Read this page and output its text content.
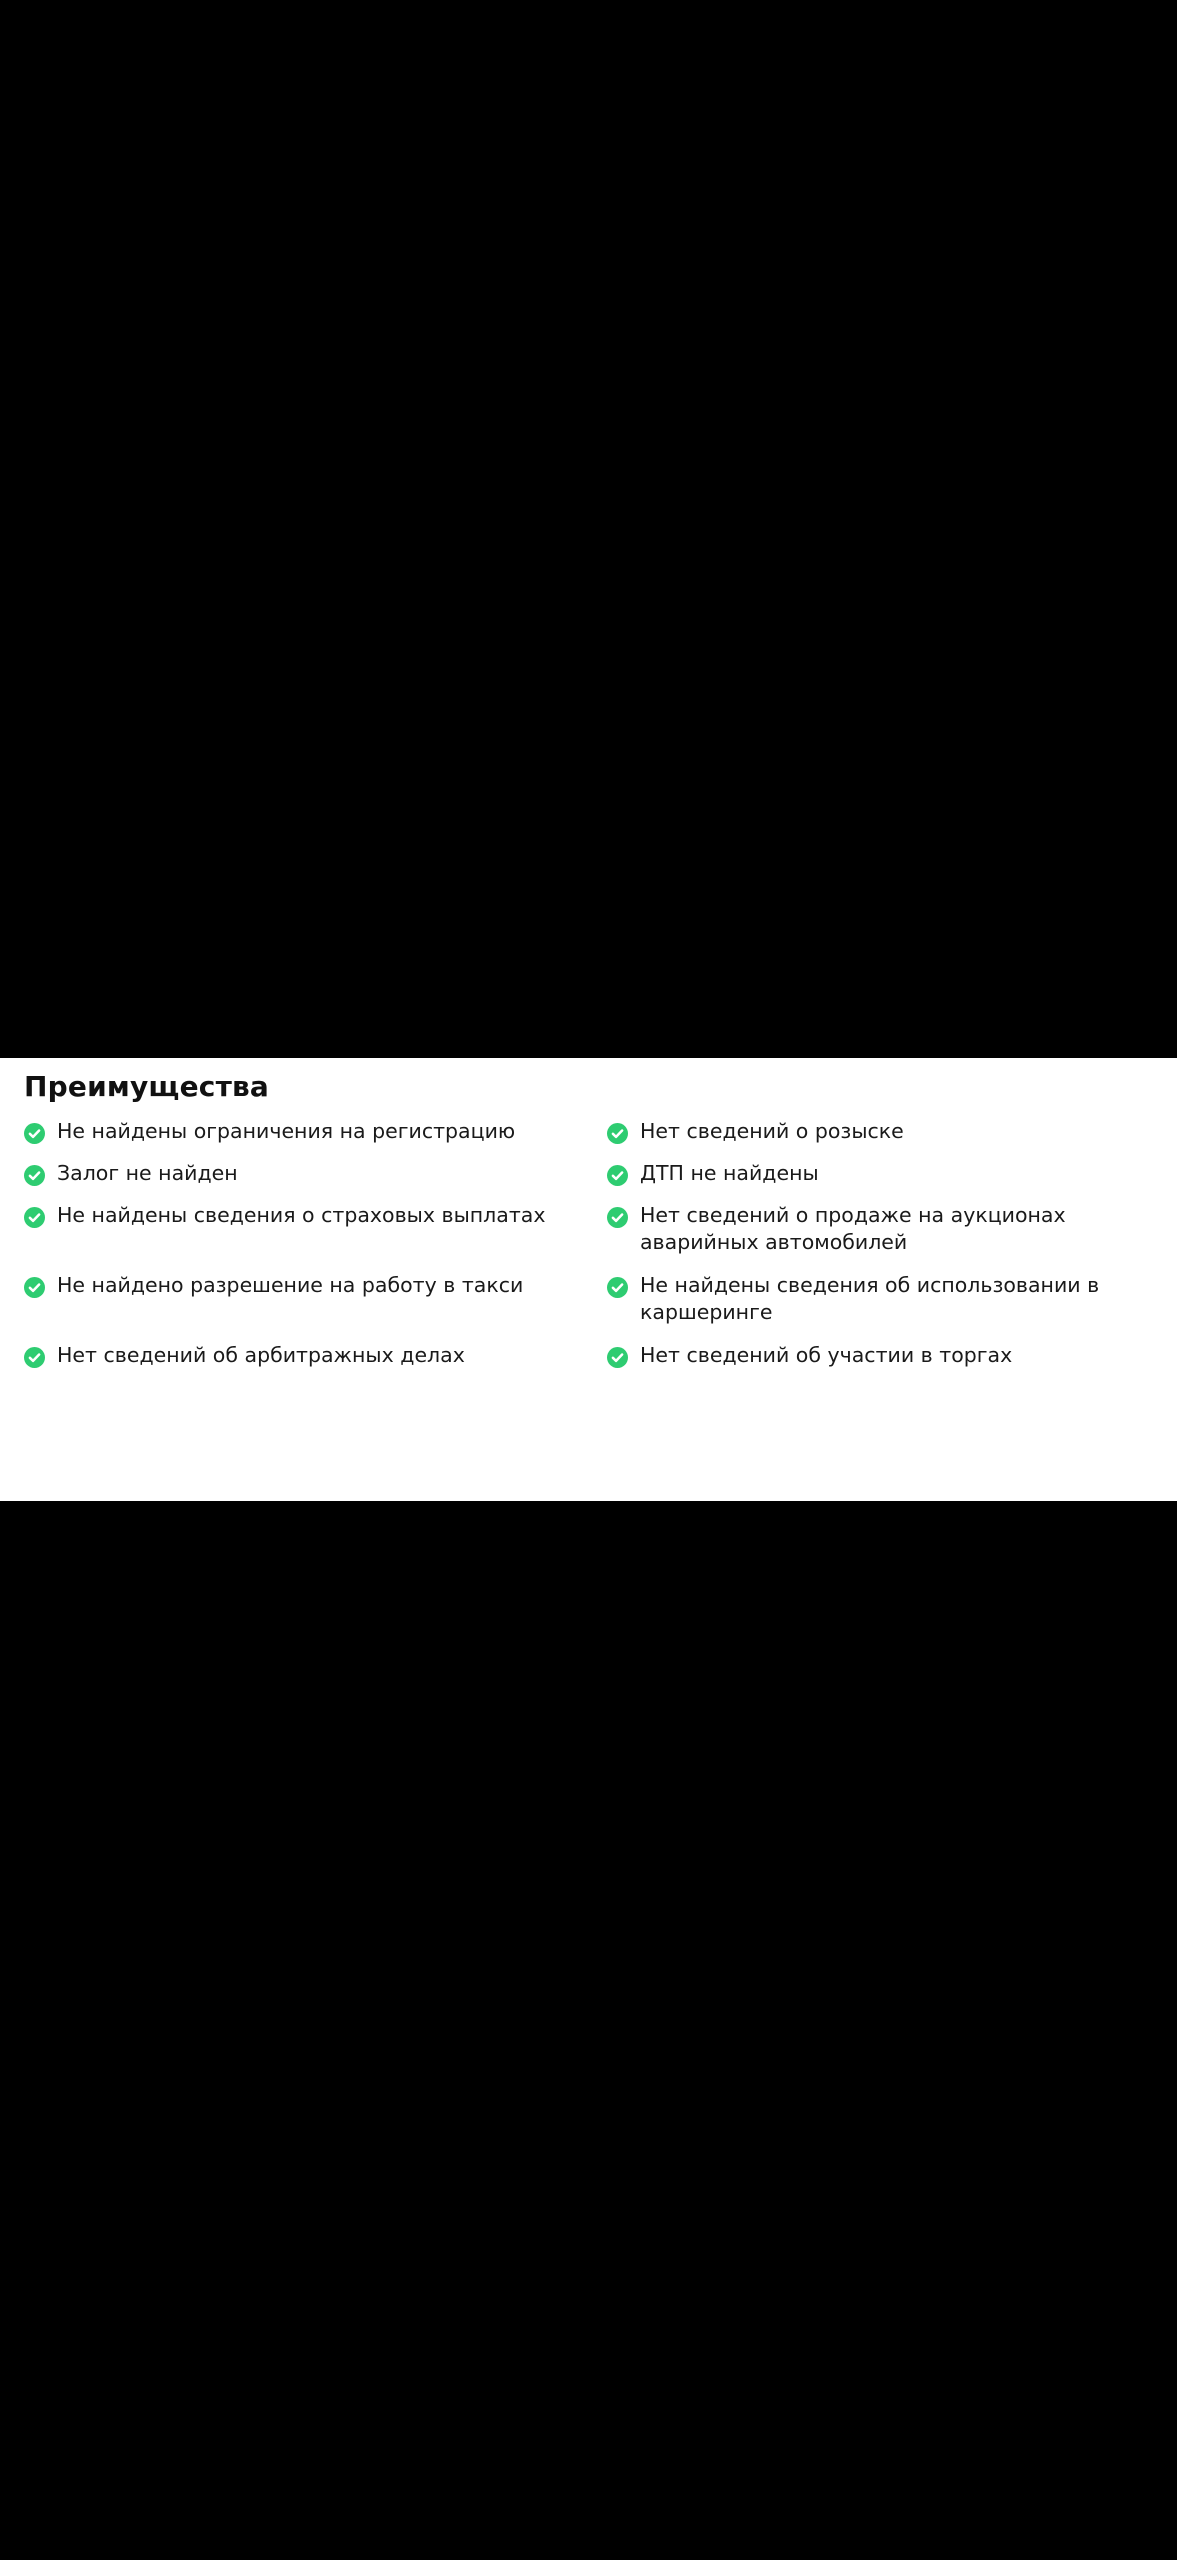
Преимущества
Не найдены ограничения на регистрацию
Залог не найден
Не найдены сведения о страховых выплатах
Не найдено разрешение на работу в такси
Нет сведений об арбитражных делах
Нет сведений о розыске
ДТП не найдены
Нет сведений о продаже на аукционах аварийных автомобилей
Не найдены сведения об использовании в каршеринге
Нет сведений об участии в торгах
